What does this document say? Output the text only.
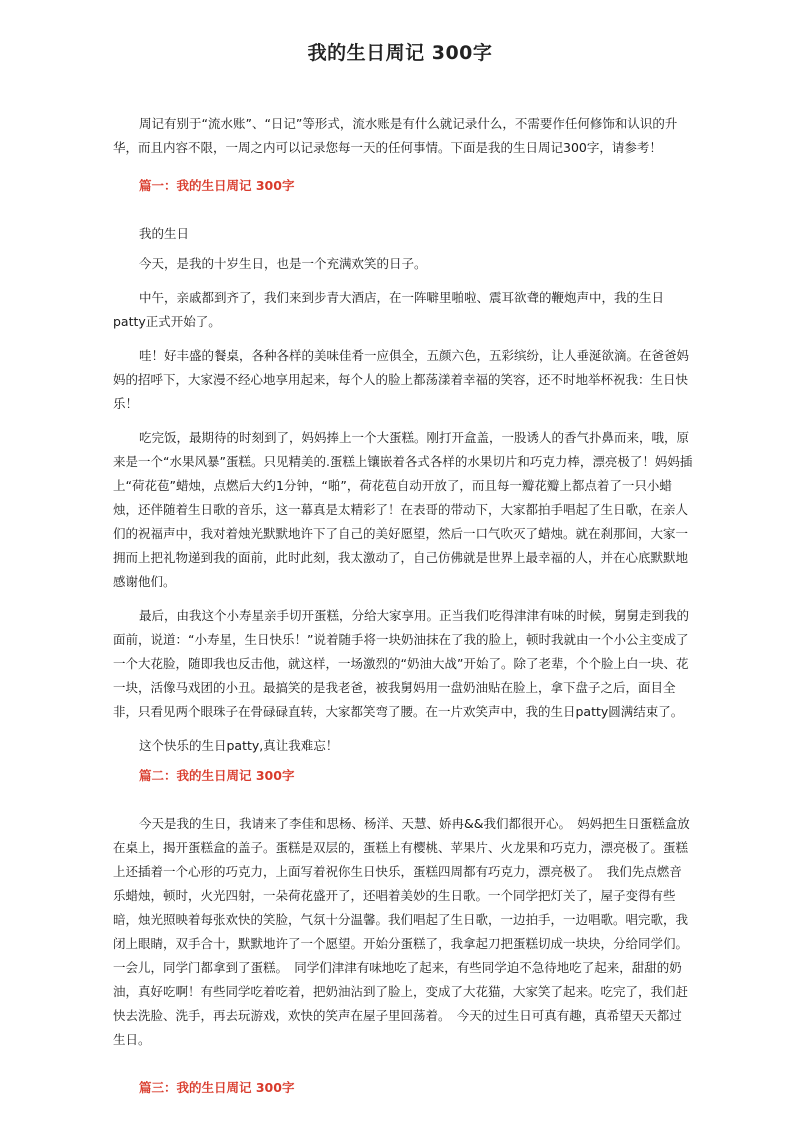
我的生日周记 300字

周记有别于“流水账”、“日记”等形式，流水账是有什么就记录什么，不需要作任何修饰和认识的升华，而且内容不限，一周之内可以记录您每一天的任何事情。下面是我的生日周记300字，请参考！

篇一：我的生日周记 300字

我的生日

今天，是我的十岁生日，也是一个充满欢笑的日子。

中午，亲戚都到齐了，我们来到步青大酒店，在一阵噼里啪啦、震耳欲聋的鞭炮声中，我的生日patty正式开始了。

哇！好丰盛的餐桌，各种各样的美味佳肴一应俱全，五颜六色，五彩缤纷，让人垂涎欲滴。在爸爸妈妈的招呼下，大家漫不经心地享用起来，每个人的脸上都荡漾着幸福的笑容，还不时地举杯祝我：生日快乐！

吃完饭，最期待的时刻到了，妈妈捧上一个大蛋糕。刚打开盒盖，一股诱人的香气扑鼻而来，哦，原来是一个“水果风暴”蛋糕。只见精美的.蛋糕上镶嵌着各式各样的水果切片和巧克力棒，漂亮极了！妈妈插上“荷花苞”蜡烛，点燃后大约1分钟，“啪”，荷花苞自动开放了，而且每一瓣花瓣上都点着了一只小蜡烛，还伴随着生日歌的音乐，这一幕真是太精彩了！在表哥的带动下，大家都拍手唱起了生日歌，在亲人们的祝福声中，我对着烛光默默地许下了自己的美好愿望，然后一口气吹灭了蜡烛。就在刹那间，大家一拥而上把礼物递到我的面前，此时此刻，我太激动了，自己仿佛就是世界上最幸福的人，并在心底默默地感谢他们。

最后，由我这个小寿星亲手切开蛋糕，分给大家享用。正当我们吃得津津有味的时候，舅舅走到我的面前，说道：“小寿星，生日快乐！”说着随手将一块奶油抹在了我的脸上，顿时我就由一个小公主变成了一个大花脸，随即我也反击他，就这样，一场激烈的“奶油大战”开始了。除了老辈，个个脸上白一块、花一块，活像马戏团的小丑。最搞笑的是我老爸，被我舅妈用一盘奶油贴在脸上，拿下盘子之后，面目全非，只看见两个眼珠子在骨碌碌直转，大家都笑弯了腰。在一片欢笑声中，我的生日patty圆满结束了。

这个快乐的生日patty,真让我难忘！

篇二：我的生日周记 300字

今天是我的生日，我请来了李佳和思杨、杨洋、天慧、娇冉&&我们都很开心。　妈妈把生日蛋糕盒放在桌上，揭开蛋糕盒的盖子。蛋糕是双层的，蛋糕上有樱桃、苹果片、火龙果和巧克力，漂亮极了。蛋糕上还插着一个心形的巧克力，上面写着祝你生日快乐，蛋糕四周都有巧克力，漂亮极了。　我们先点燃音乐蜡烛，顿时，火光四射，一朵荷花盛开了，还唱着美妙的生日歌。一个同学把灯关了，屋子变得有些暗，烛光照映着每张欢快的笑脸，气氛十分温馨。我们唱起了生日歌，一边拍手，一边唱歌。唱完歌，我闭上眼睛，双手合十，默默地许了一个愿望。开始分蛋糕了，我拿起刀把蛋糕切成一块块，分给同学们。一会儿，同学门都拿到了蛋糕。　同学们津津有味地吃了起来，有些同学迫不急待地吃了起来，甜甜的奶油，真好吃啊！有些同学吃着吃着，把奶油沾到了脸上，变成了大花猫，大家笑了起来。吃完了，我们赶快去洗脸、洗手，再去玩游戏，欢快的笑声在屋子里回荡着。　今天的过生日可真有趣，真希望天天都过生日。

篇三：我的生日周记 300字
